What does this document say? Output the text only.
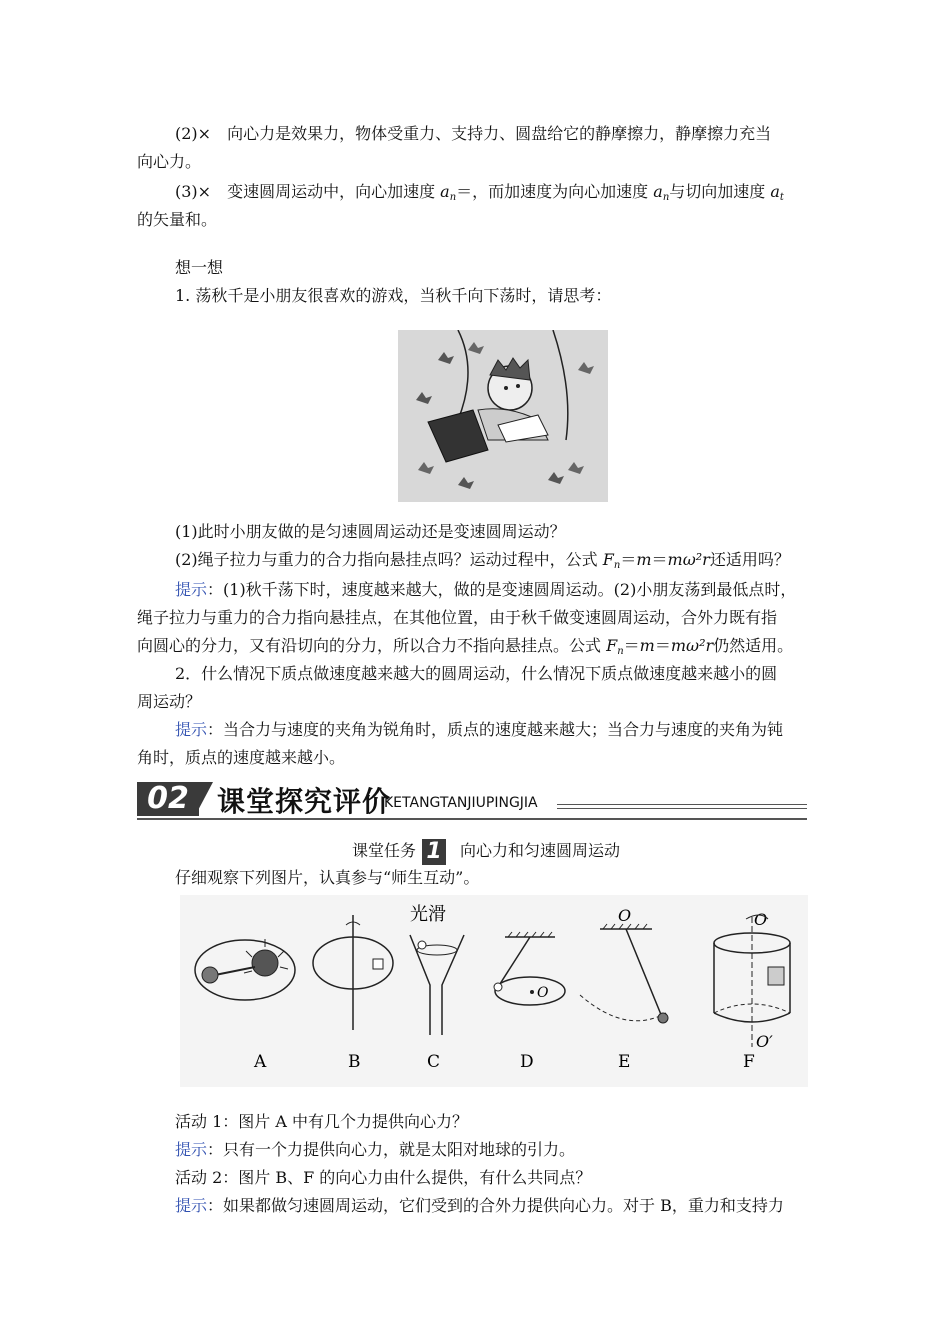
(2)×　向心力是效果力，物体受重力、支持力、圆盘给它的静摩擦力，静摩擦力充当
向心力。
(3)×　变速圆周运动中，向心加速度 $a_n=$，而加速度为向心加速度 $a_n$与切向加速度 $a_t$
的矢量和。
想一想
1. 荡秋千是小朋友很喜欢的游戏，当秋千向下荡时，请思考：
(1)此时小朋友做的是匀速圆周运动还是变速圆周运动？
(2)绳子拉力与重力的合力指向悬挂点吗？运动过程中，公式 $F_n=m=m\omega^2r$还适用吗？
提示：(1)秋千荡下时，速度越来越大，做的是变速圆周运动。(2)小朋友荡到最低点时，
绳子拉力与重力的合力指向悬挂点，在其他位置，由于秋千做变速圆周运动，合外力既有指
向圆心的分力，又有沿切向的分力，所以合力不指向悬挂点。公式 $F_n=m=m\omega^2r$仍然适用。
2．什么情况下质点做速度越来越大的圆周运动，什么情况下质点做速度越来越小的圆
周运动？
提示：当合力与速度的夹角为锐角时，质点的速度越来越大；当合力与速度的夹角为钝
角时，质点的速度越来越小。
02	课堂探究评价
KETANGTANJIUPINGJIA
课堂任务 1 向心力和匀速圆周运动
仔细观察下列图片，认真参与“师生互动”。
光滑
O
O	O
O′
A	B	C	D	E	F
活动 1：图片 A 中有几个力提供向心力？
提示：只有一个力提供向心力，就是太阳对地球的引力。
活动 2：图片 B、F 的向心力由什么提供，有什么共同点？
提示：如果都做匀速圆周运动，它们受到的合外力提供向心力。对于 B，重力和支持力
